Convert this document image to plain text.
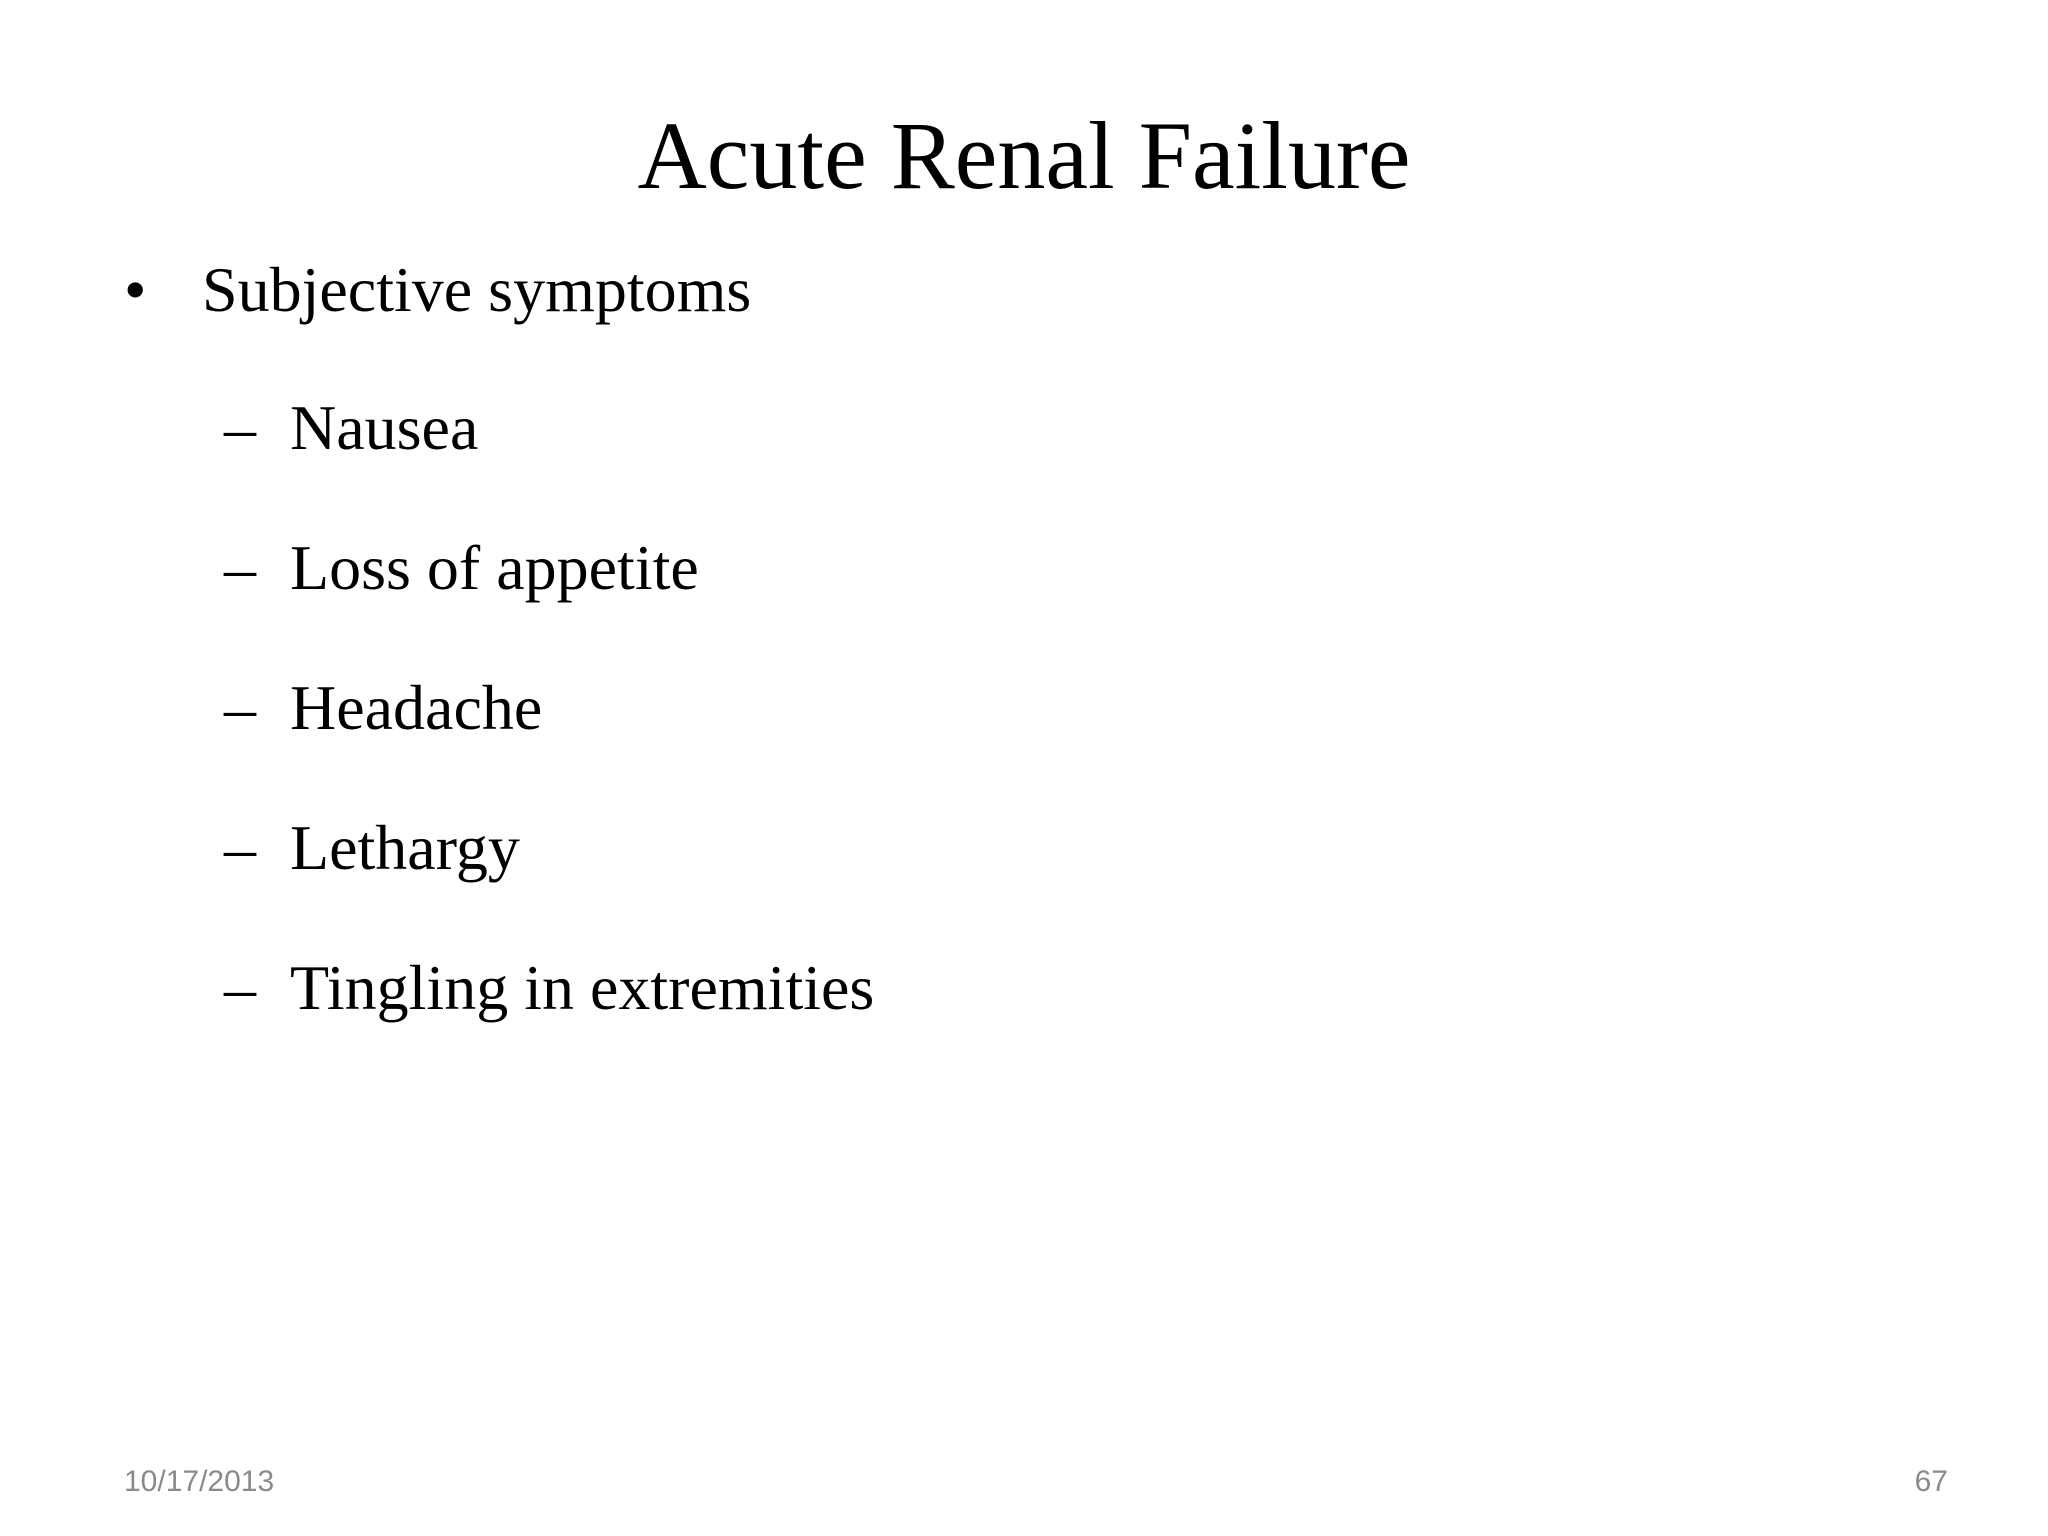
Acute Renal Failure
• Subjective symptoms
– Nausea
– Loss of appetite
– Headache
– Lethargy
– Tingling in extremities
10/17/2013	67
